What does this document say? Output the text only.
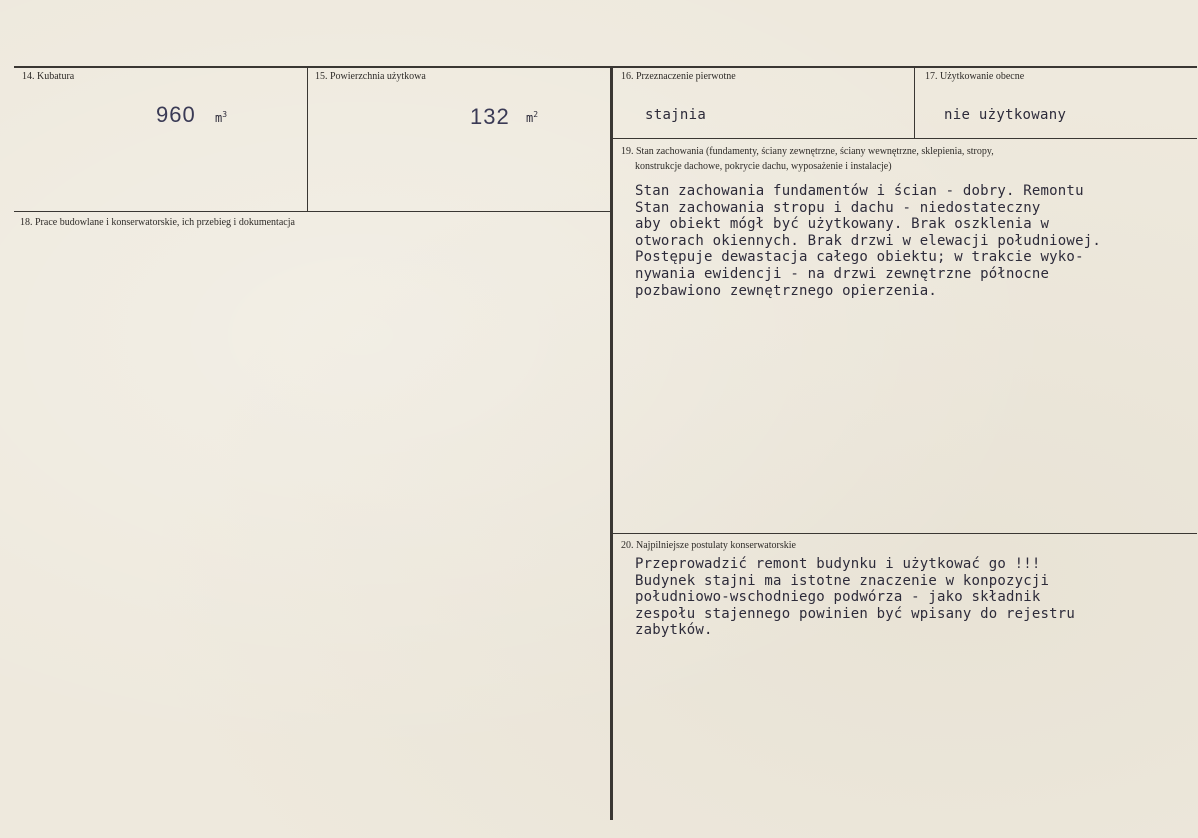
14. Kubatura
960 $m^3$
15. Powierzchnia użytkowa
132 $m^2$
16. Przeznaczenie pierwotne
stajnia
17. Użytkowanie obecne
nie użytkowany
18. Prace budowlane i konserwatorskie, ich przebieg i dokumentacja
19. Stan zachowania (fundamenty, ściany zewnętrzne, ściany wewnętrzne, sklepienia, stropy,
konstrukcje dachowe, pokrycie dachu, wyposażenie i instalacje)
Stan zachowania fundamentów i ścian - dobry. Remontu
Stan zachowania stropu i dachu - niedostateczny
aby obiekt mógł być użytkowany. Brak oszklenia w
otworach okiennych. Brak drzwi w elewacji południowej.
Postępuje dewastacja całego obiektu; w trakcie wyko-
nywania ewidencji - na drzwi zewnętrzne północne
pozbawiono zewnętrznego opierzenia.
20. Najpilniejsze postulaty konserwatorskie
Przeprowadzić remont budynku i użytkować go !!!
Budynek stajni ma istotne znaczenie w konpozycji
południowo-wschodniego podwórza - jako składnik
zespołu stajennego powinien być wpisany do rejestru
zabytków.
